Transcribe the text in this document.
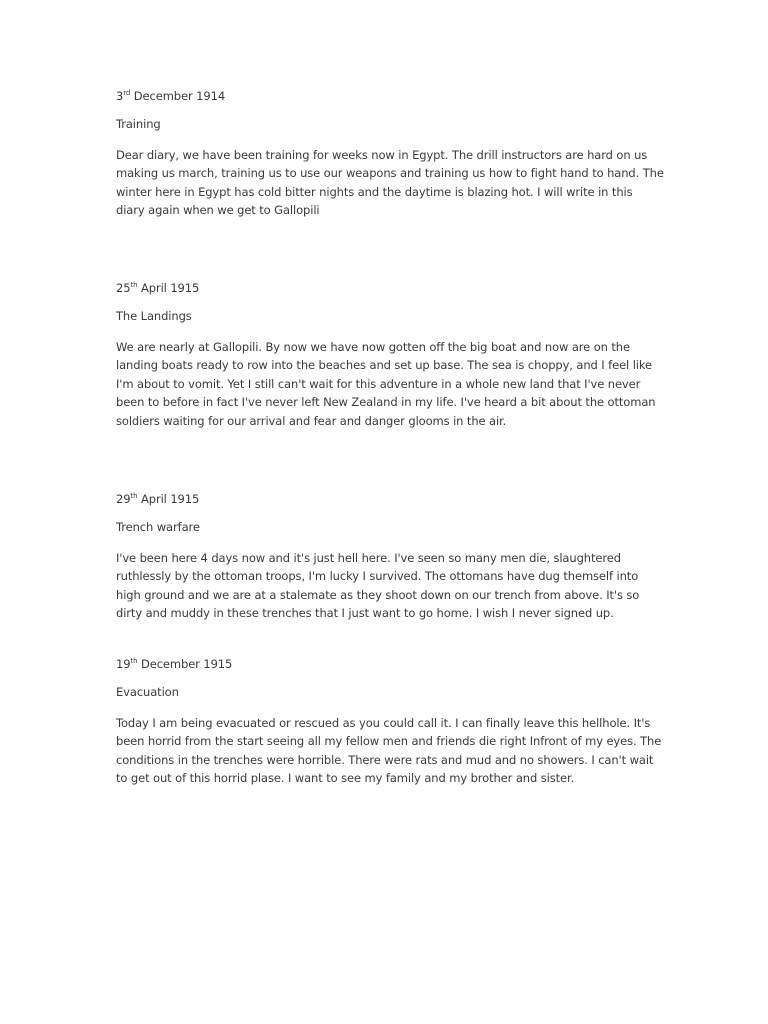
3rd December 1914

Training

Dear diary, we have been training for weeks now in Egypt. The drill instructors are hard on us making us march, training us to use our weapons and training us how to fight hand to hand. The winter here in Egypt has cold bitter nights and the daytime is blazing hot. I will write in this diary again when we get to Gallopili

25th April 1915

The Landings

We are nearly at Gallopili. By now we have now gotten off the big boat and now are on the landing boats ready to row into the beaches and set up base. The sea is choppy, and I feel like I'm about to vomit. Yet I still can't wait for this adventure in a whole new land that I've never been to before in fact I've never left New Zealand in my life. I've heard a bit about the ottoman soldiers waiting for our arrival and fear and danger glooms in the air.

29th April 1915

Trench warfare

I've been here 4 days now and it's just hell here. I've seen so many men die, slaughtered ruthlessly by the ottoman troops, I'm lucky I survived. The ottomans have dug themself into high ground and we are at a stalemate as they shoot down on our trench from above. It's so dirty and muddy in these trenches that I just want to go home. I wish I never signed up.

19th December 1915

Evacuation

Today I am being evacuated or rescued as you could call it. I can finally leave this hellhole. It's been horrid from the start seeing all my fellow men and friends die right Infront of my eyes. The conditions in the trenches were horrible. There were rats and mud and no showers. I can't wait to get out of this horrid plase. I want to see my family and my brother and sister.
